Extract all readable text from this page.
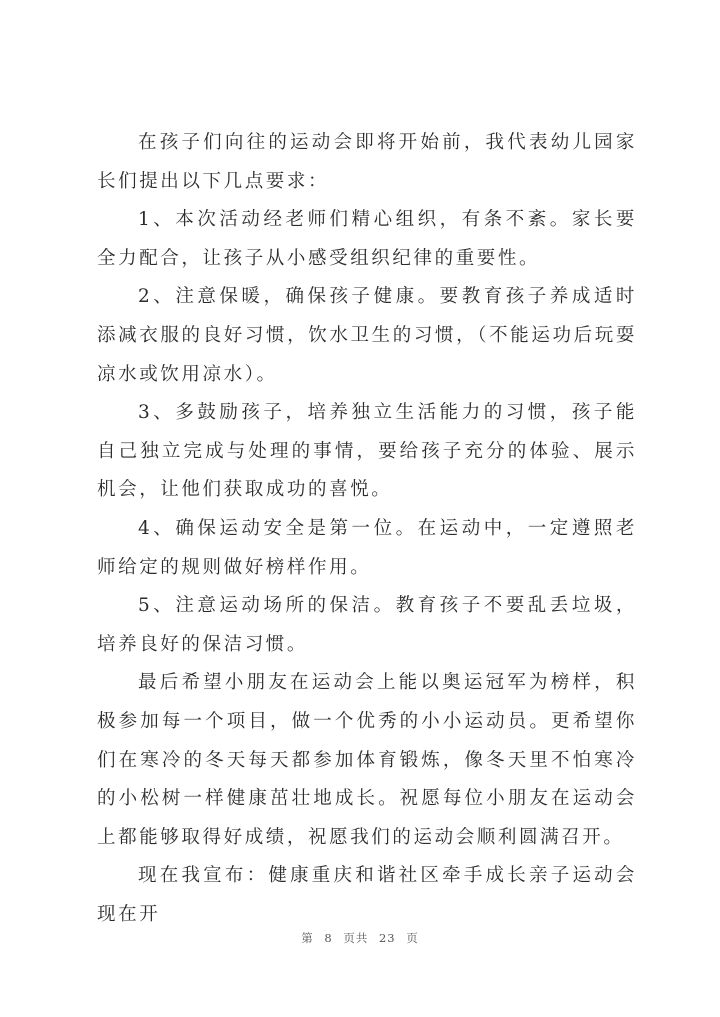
在孩子们向往的运动会即将开始前，我代表幼儿园家长们提出以下几点要求：

1、本次活动经老师们精心组织，有条不紊。家长要全力配合，让孩子从小感受组织纪律的重要性。

2、注意保暖，确保孩子健康。要教育孩子养成适时添减衣服的良好习惯，饮水卫生的习惯，（不能运功后玩耍凉水或饮用凉水）。

3、多鼓励孩子，培养独立生活能力的习惯，孩子能自己独立完成与处理的事情，要给孩子充分的体验、展示机会，让他们获取成功的喜悦。

4、确保运动安全是第一位。在运动中，一定遵照老师给定的规则做好榜样作用。

5、注意运动场所的保洁。教育孩子不要乱丢垃圾，培养良好的保洁习惯。

最后希望小朋友在运动会上能以奥运冠军为榜样，积极参加每一个项目，做一个优秀的小小运动员。更希望你们在寒冷的冬天每天都参加体育锻炼，像冬天里不怕寒冷的小松树一样健康茁壮地成长。祝愿每位小朋友在运动会上都能够取得好成绩，祝愿我们的运动会顺利圆满召开。

现在我宣布：健康重庆和谐社区牵手成长亲子运动会现在开

第 8 页共 23 页
